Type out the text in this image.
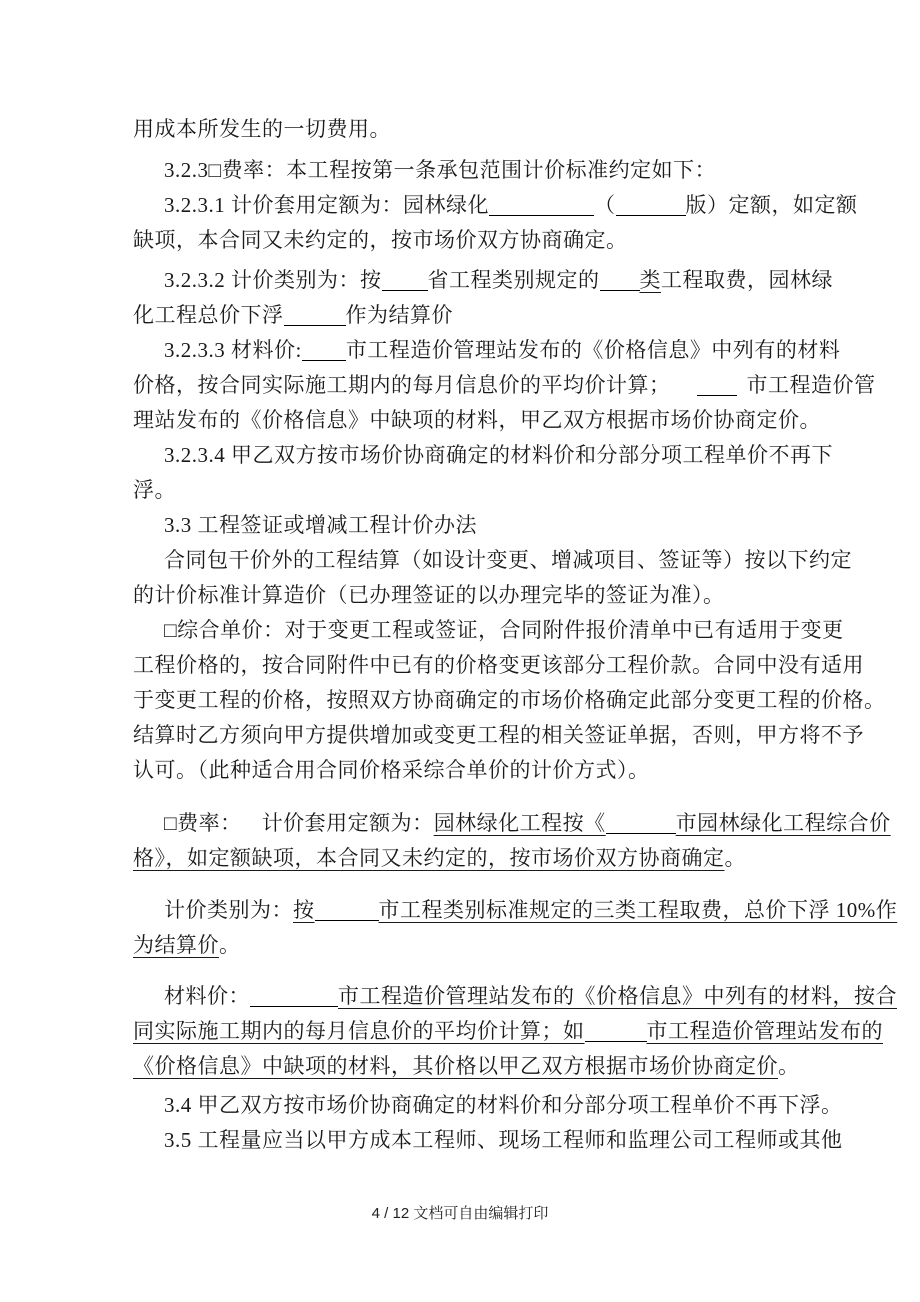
用成本所发生的一切费用。

3.2.3□费率：本工程按第一条承包范围计价标准约定如下：

3.2.3.1 计价套用定额为：园林绿化	（	版）定额，如定额

缺项，本合同又未约定的，按市场价双方协商确定。

3.2.3.2 计价类别为：按 省工程类别规定的 类工程取费，园林绿

化工程总价下浮	作为结算价

3.2.3.3 材料价: 市工程造价管理站发布的《价格信息》中列有的材料

价格，按合同实际施工期内的每月信息价的平均价计算；	市工程造价管

理站发布的《价格信息》中缺项的材料，甲乙双方根据市场价协商定价。

3.2.3.4 甲乙双方按市场价协商确定的材料价和分部分项工程单价不再下

浮。

3.3 工程签证或增减工程计价办法

合同包干价外的工程结算（如设计变更、增减项目、签证等）按以下约定

的计价标准计算造价（已办理签证的以办理完毕的签证为准）。

□综合单价：对于变更工程或签证，合同附件报价清单中已有适用于变更

工程价格的，按合同附件中已有的价格变更该部分工程价款。合同中没有适用

于变更工程的价格，按照双方协商确定的市场价格确定此部分变更工程的价格。

结算时乙方须向甲方提供增加或变更工程的相关签证单据，否则，甲方将不予

认可。（此种适合用合同价格采综合单价的计价方式）。

□费率： 计价套用定额为：园林绿化工程按《	市园林绿化工程综合价

格》，如定额缺项，本合同又未约定的，按市场价双方协商确定。

计价类别为：按	市工程类别标准规定的三类工程取费，总价下浮 10%作

为结算价。

材料价：	市工程造价管理站发布的《价格信息》中列有的材料，按合

同实际施工期内的每月信息价的平均价计算；如	市工程造价管理站发布的

《价格信息》中缺项的材料，其价格以甲乙双方根据市场价协商定价。

3.4 甲乙双方按市场价协商确定的材料价和分部分项工程单价不再下浮。

3.5 工程量应当以甲方成本工程师、现场工程师和监理公司工程师或其他

4 / 12 文档可自由编辑打印
